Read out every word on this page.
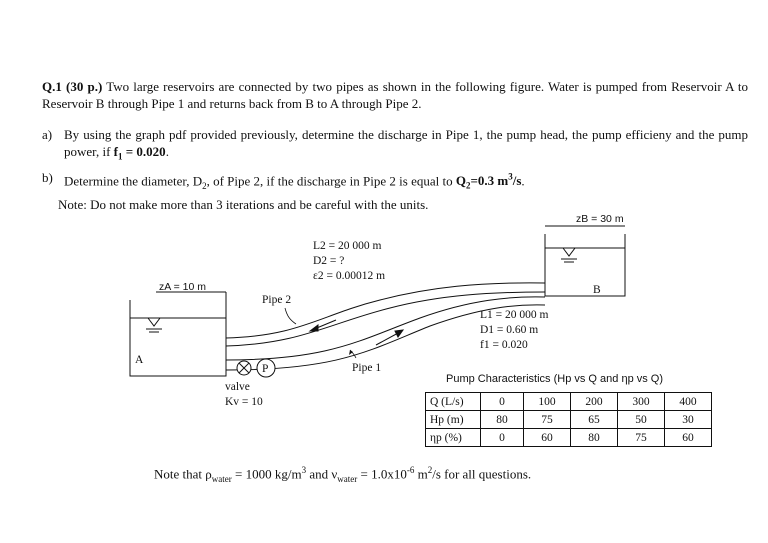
Q.1 (30 p.) Two large reservoirs are connected by two pipes as shown in the following figure. Water is pumped from Reservoir A to Reservoir B through Pipe 1 and returns back from B to A through Pipe 2.
a) By using the graph pdf provided previously, determine the discharge in Pipe 1, the pump head, the pump efficieny and the pump power, if $f_1 = 0.020$.
b) Determine the diameter, $D_2$, of Pipe 2, if the discharge in Pipe 2 is equal to $Q_2=0.3$ $m^3/s$.
Note: Do not make more than 3 iterations and be careful with the units.
zA = 10 m
A
zB = 30 m
B
P
L2 = 20 000 m
D2 = ?
ε2 = 0.00012 m
Pipe 2
L1 = 20 000 m
D1 = 0.60 m
f1 = 0.020
Pipe 1
valve
Kv = 10
Pump Characteristics (Hp vs Q and ηp vs Q)
Q (L/s)	0	100	200	300	400
Hp (m)	80	75	65	50	30
ηp (%)	0	60	80	75	60
Note that $\rho_{water} = 1000$ $kg/m^3$ and $\nu_{water} = 1.0x10^{-6}$ $m^2/s$ for all questions.
